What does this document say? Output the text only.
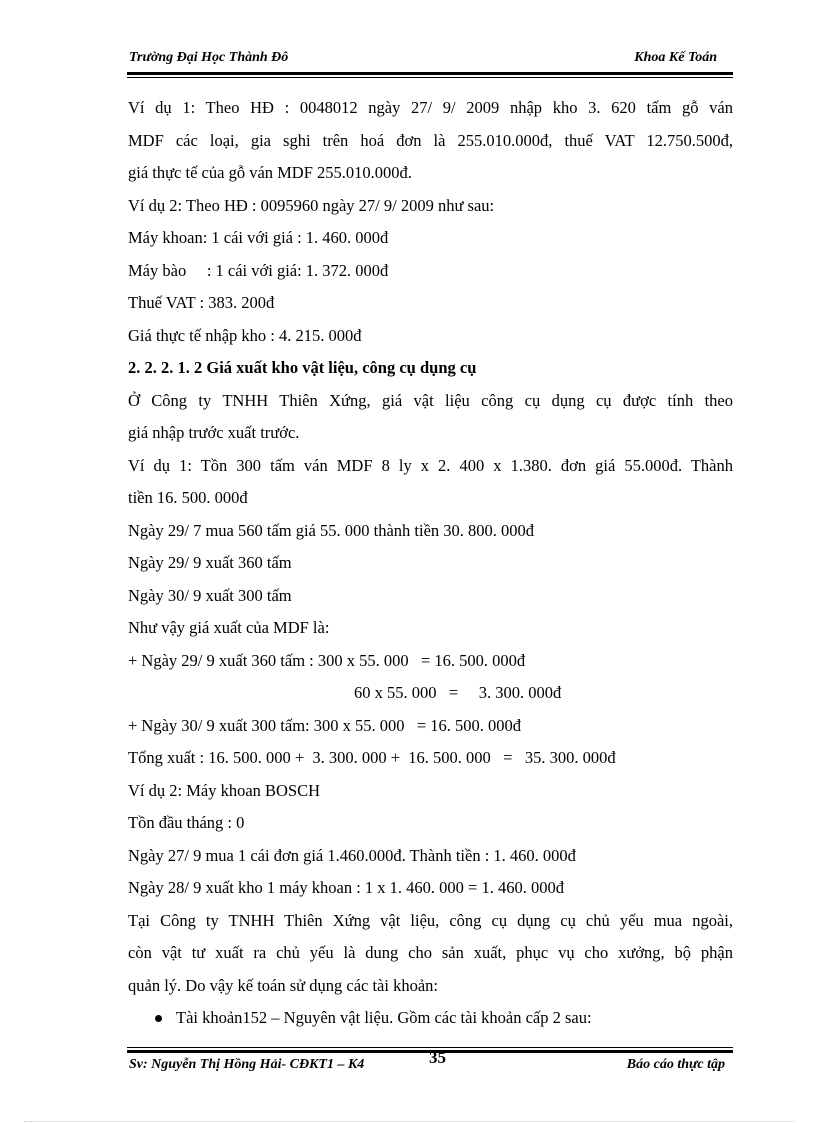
Trường Đại Học Thành Đô	Khoa Kế Toán
Ví dụ 1: Theo HĐ : 0048012 ngày 27/ 9/ 2009 nhập kho 3. 620 tấm gỗ ván
MDF các loại, gia sghi trên hoá đơn là 255.010.000đ, thuế VAT 12.750.500đ,
giá thực tế của gỗ ván MDF 255.010.000đ.
Ví dụ 2: Theo HĐ : 0095960 ngày 27/ 9/ 2009 như sau:
Máy khoan: 1 cái với giá : 1. 460. 000đ
Máy bào     : 1 cái với giá: 1. 372. 000đ
Thuế VAT : 383. 200đ
Giá thực tế nhập kho : 4. 215. 000đ
2. 2. 2. 1. 2 Giá xuất kho vật liệu, công cụ dụng cụ
Ở Công ty TNHH Thiên Xứng, giá vật liệu công cụ dụng cụ được tính theo
giá nhập trước xuất trước.
Ví dụ 1: Tồn 300 tấm ván MDF 8 ly x 2. 400 x 1.380. đơn giá 55.000đ. Thành
tiền 16. 500. 000đ
Ngày 29/ 7 mua 560 tấm giá 55. 000 thành tiền 30. 800. 000đ
Ngày 29/ 9 xuất 360 tấm
Ngày 30/ 9 xuất 300 tấm
Như vậy giá xuất của MDF là:
+ Ngày 29/ 9 xuất 360 tấm : 300 x 55. 000   = 16. 500. 000đ
60 x 55. 000   =     3. 300. 000đ
+ Ngày 30/ 9 xuất 300 tấm: 300 x 55. 000   = 16. 500. 000đ
Tổng xuất : 16. 500. 000 +  3. 300. 000 +  16. 500. 000   =   35. 300. 000đ
Ví dụ 2: Máy khoan BOSCH
Tồn đầu tháng : 0
Ngày 27/ 9 mua 1 cái đơn giá 1.460.000đ. Thành tiền : 1. 460. 000đ
Ngày 28/ 9 xuất kho 1 máy khoan : 1 x 1. 460. 000 = 1. 460. 000đ
Tại Công ty TNHH Thiên Xứng vật liệu, công cụ dụng cụ chủ yếu mua ngoài,
còn vật tư xuất ra chủ yếu là dung cho sản xuất, phục vụ cho xưởng, bộ phận
quản lý. Do vậy kế toán sử dụng các tài khoản:
Tài khoản152 – Nguyên vật liệu. Gồm các tài khoản cấp 2 sau:
Sv: Nguyễn Thị Hồng Hải- CĐKT1 – K4	35	Báo cáo thực tập
